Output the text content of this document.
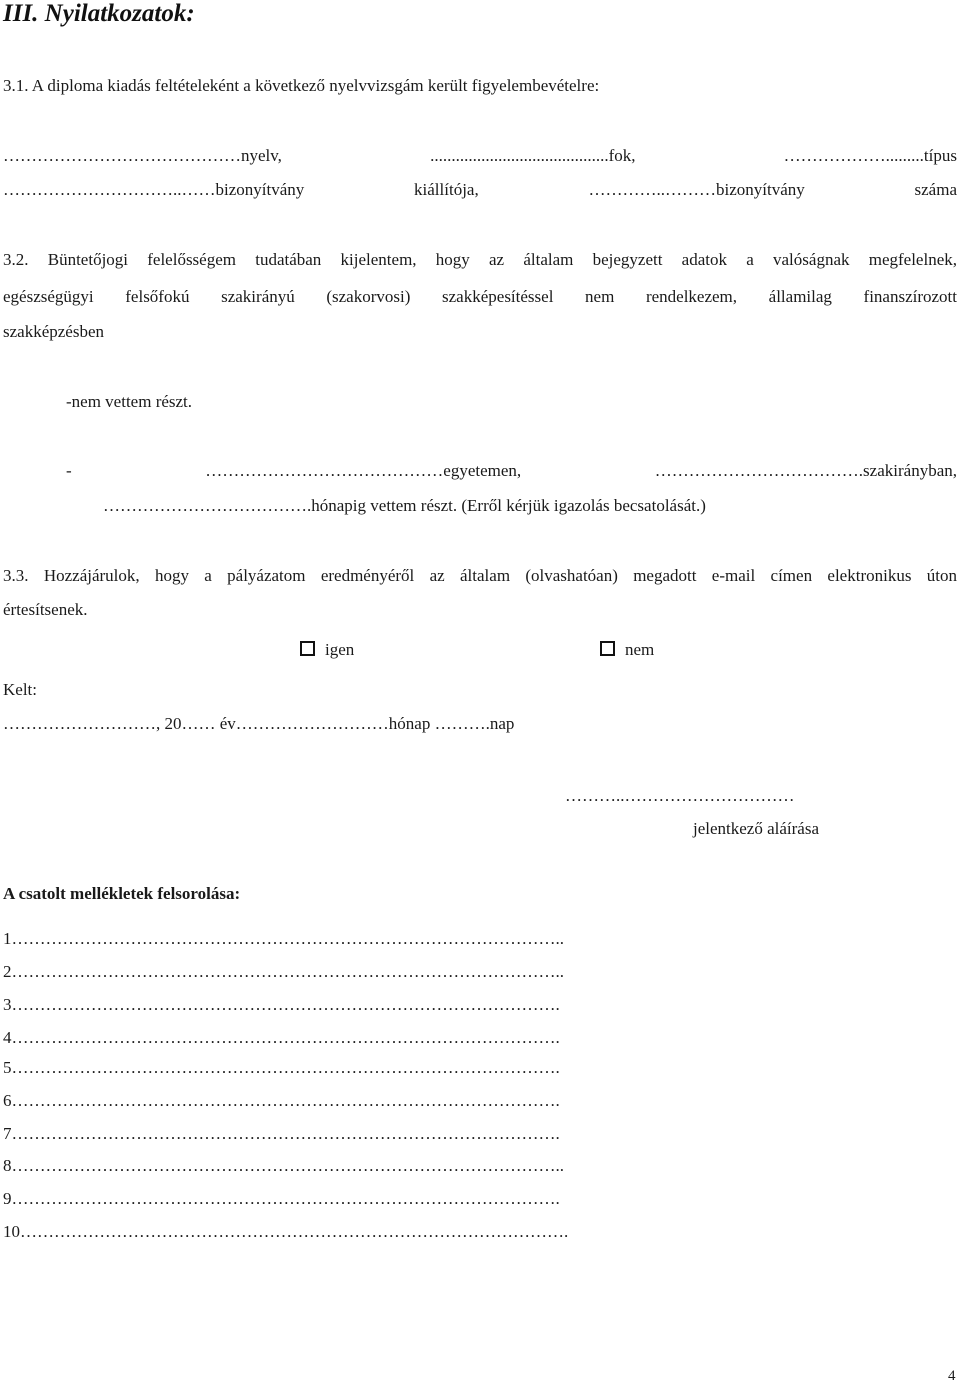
III. Nyilatkozatok:
3.1. A diploma kiadás feltételeként a következő nyelvvizsgám került figyelembevételre:
……………………………………nyelv, ..........................................fok, ……………….........típus
…………………………..……bizonyítvány kiállítója, …………..………bizonyítvány száma
3.2. Büntetőjogi felelősségem tudatában kijelentem, hogy az általam bejegyzett adatok a valóságnak megfelelnek,
egészségügyi felsőfokú szakirányú (szakorvosi) szakképesítéssel nem rendelkezem, államilag finanszírozott
szakképzésben
-nem vettem részt.
- ……………………………………egyetemen, ……………………………….szakirányban,
……………………………….hónapig vettem részt. (Erről kérjük igazolás becsatolását.)
3.3. Hozzájárulok, hogy a pályázatom eredményéről az általam (olvashatóan) megadott e-mail címen elektronikus úton
értesítsenek.
igen	nem
Kelt:
………………………, 20…… év………………………hónap ……….nap
………..…………………………
jelentkező aláírása
A csatolt mellékletek felsorolása:
1……………………………………………………………………………………..
2……………………………………………………………………………………..
3…………………………………………………………………………………….
4…………………………………………………………………………………….
5…………………………………………………………………………………….
6…………………………………………………………………………………….
7…………………………………………………………………………………….
8……………………………………………………………………………………..
9…………………………………………………………………………………….
10…………………………………………………………………………………….
4
